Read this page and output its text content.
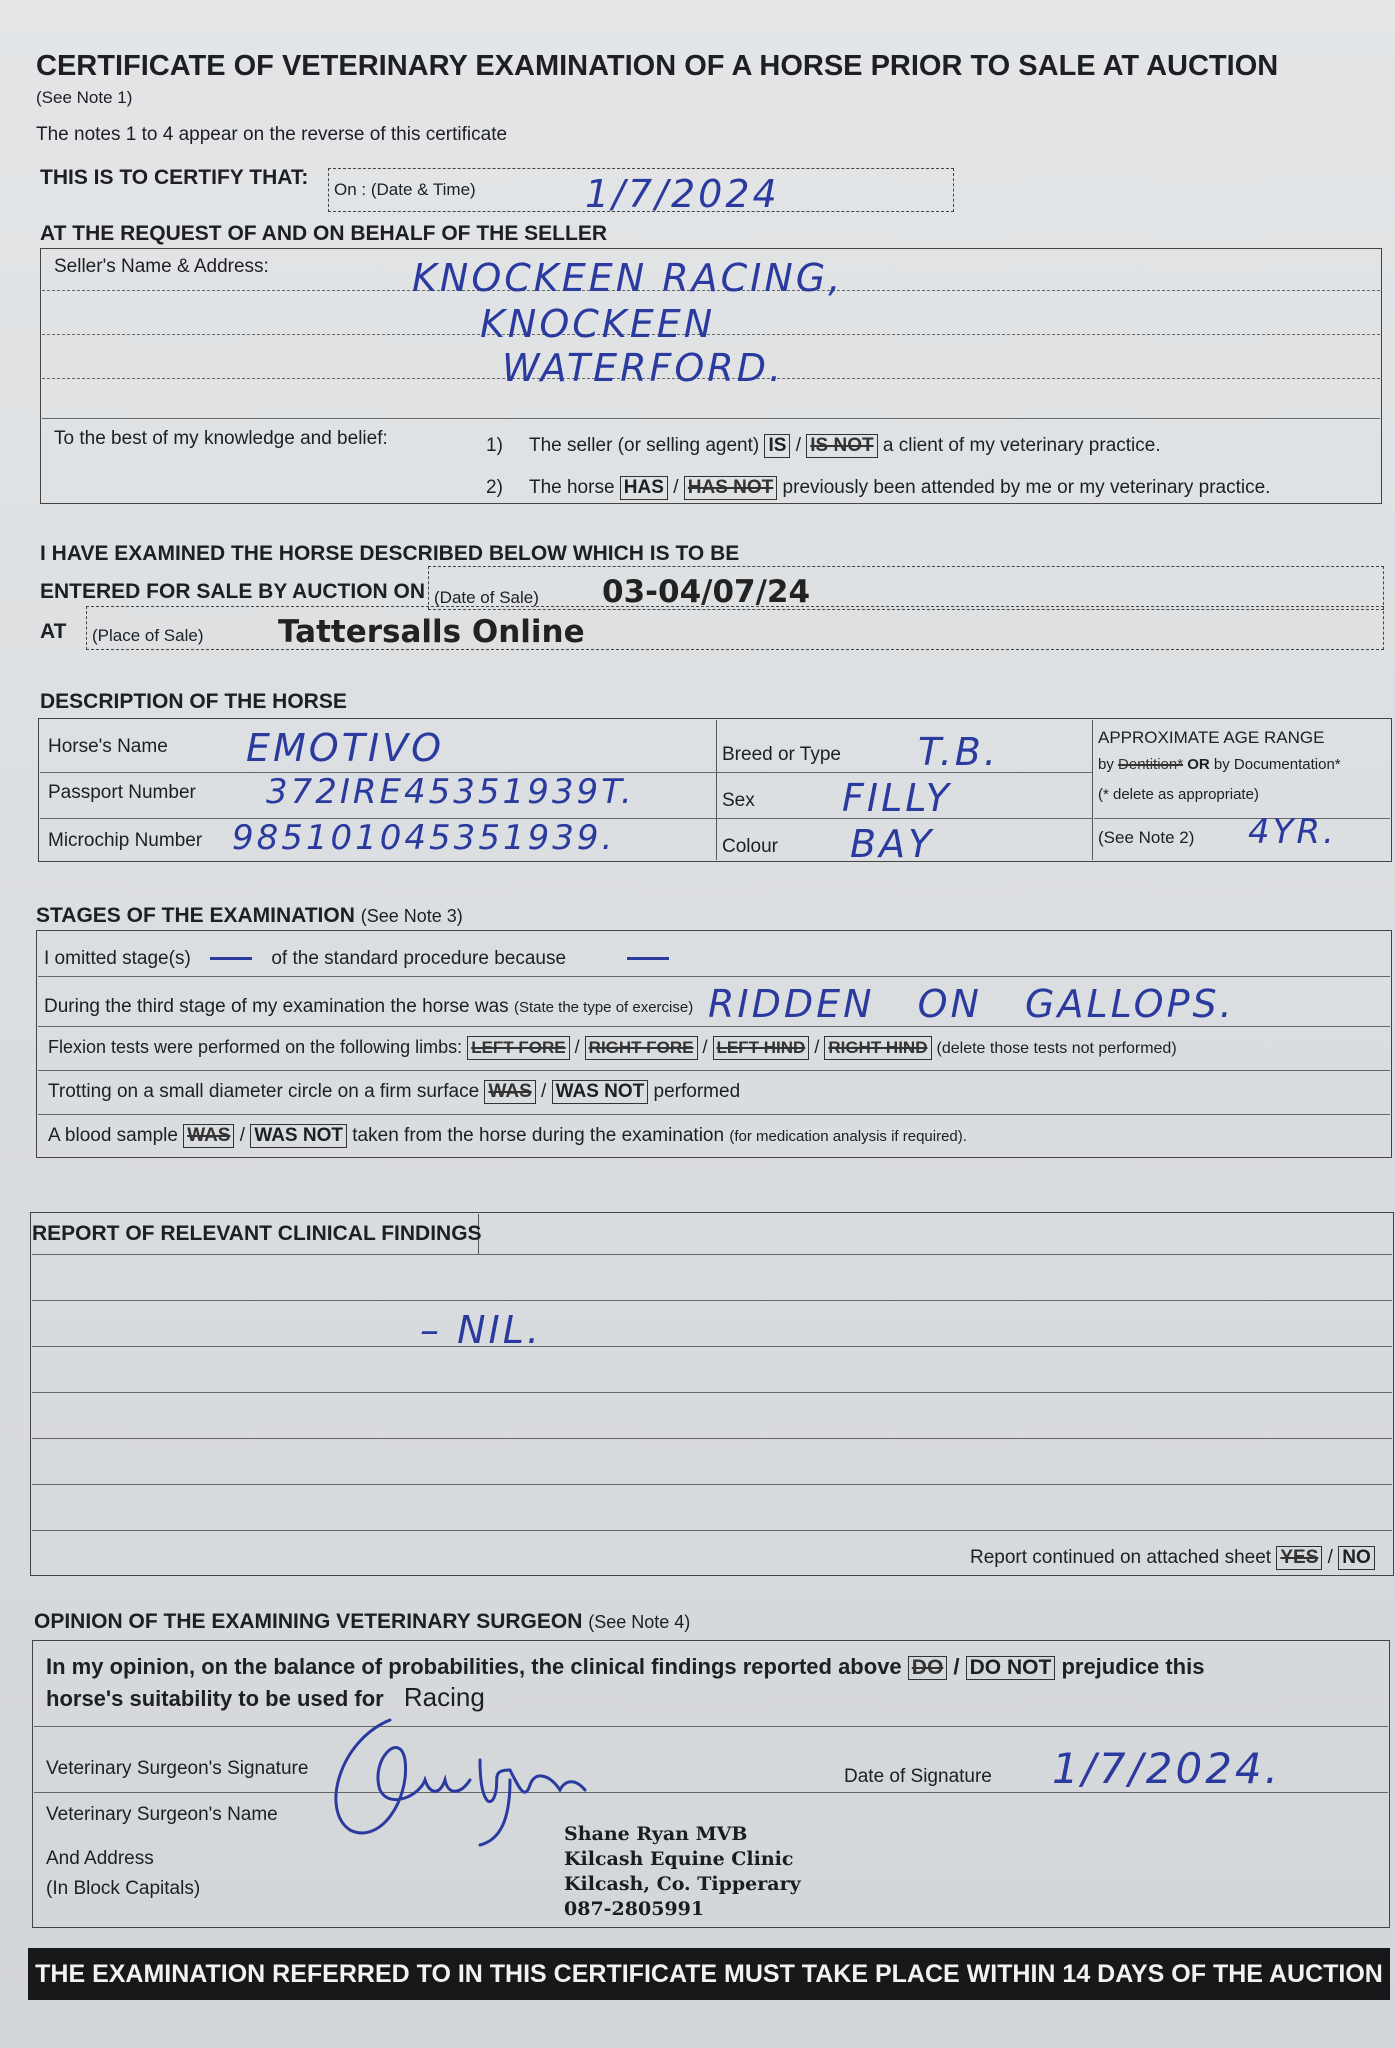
CERTIFICATE OF VETERINARY EXAMINATION OF A HORSE PRIOR TO SALE AT AUCTION
(See Note 1)
The notes 1 to 4 appear on the reverse of this certificate
THIS IS TO CERTIFY THAT:
On : (Date & Time)	1/7/2024
AT THE REQUEST OF AND ON BEHALF OF THE SELLER
Seller's Name & Address:	KNOCKEEN RACING,
KNOCKEEN
WATERFORD.
To the best of my knowledge and belief:	1) The seller (or selling agent) IS / IS NOT a client of my veterinary practice.
2) The horse HAS / HAS NOT previously been attended by me or my veterinary practice.
I HAVE EXAMINED THE HORSE DESCRIBED BELOW WHICH IS TO BE
ENTERED FOR SALE BY AUCTION ON (Date of Sale) 03-04/07/24
AT (Place of Sale) Tattersalls Online
DESCRIPTION OF THE HORSE
Horse's Name EMOTIVO
Passport Number 372IRE45351939T.
Microchip Number 985101045351939.
Breed or Type T.B.
Sex FILLY
Colour BAY
APPROXIMATE AGE RANGE
by Dentition* OR by Documentation*
(* delete as appropriate)
(See Note 2) 4YR.
STAGES OF THE EXAMINATION (See Note 3)
I omitted stage(s)	of the standard procedure because
During the third stage of my examination the horse was (State the type of exercise) RIDDEN ON GALLOPS.
Flexion tests were performed on the following limbs: LEFT FORE / RIGHT FORE / LEFT HIND / RIGHT HIND (delete those tests not performed)
Trotting on a small diameter circle on a firm surface WAS / WAS NOT performed
A blood sample WAS / WAS NOT taken from the horse during the examination (for medication analysis if required).
REPORT OF RELEVANT CLINICAL FINDINGS
– NIL.
Report continued on attached sheet YES / NO
OPINION OF THE EXAMINING VETERINARY SURGEON (See Note 4)
In my opinion, on the balance of probabilities, the clinical findings reported above DO / DO NOT prejudice this
horse's suitability to be used for Racing
Veterinary Surgeon's Signature	Date of Signature 1/7/2024.
Veterinary Surgeon's Name
And Address
(In Block Capitals)
Shane Ryan MVB
Kilcash Equine Clinic
Kilcash, Co. Tipperary
087-2805991
THE EXAMINATION REFERRED TO IN THIS CERTIFICATE MUST TAKE PLACE WITHIN 14 DAYS OF THE AUCTION
